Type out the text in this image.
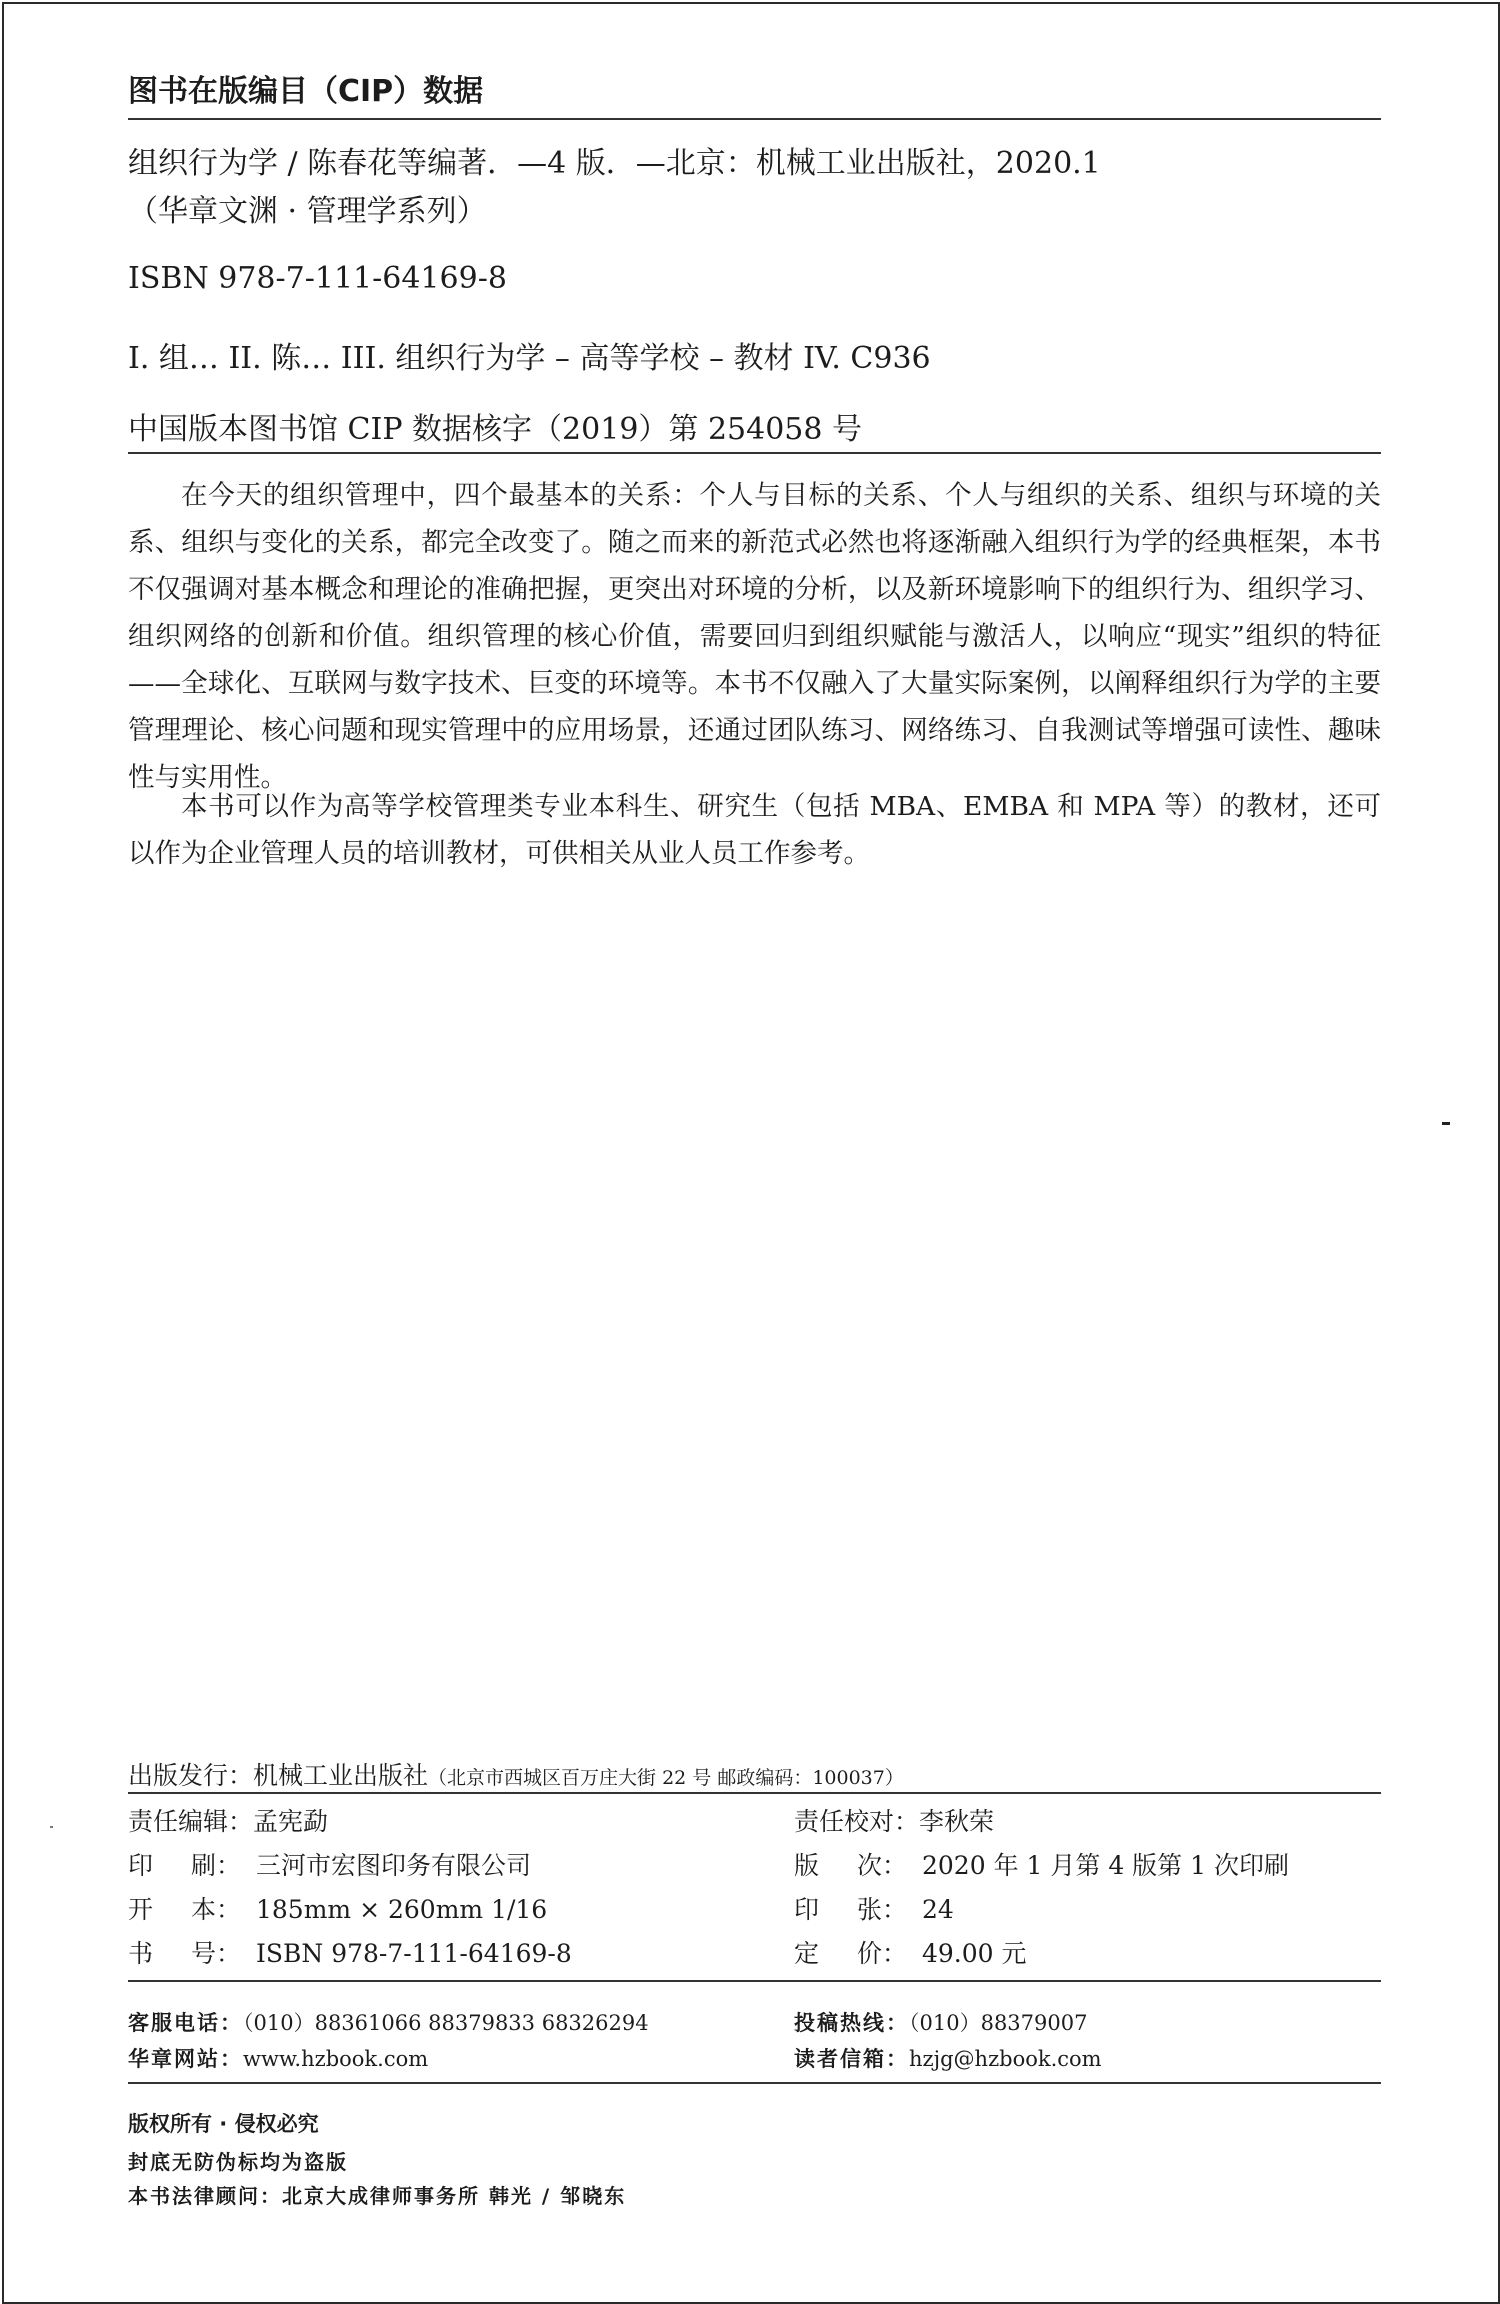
图书在版编目（CIP）数据
组织行为学 / 陈春花等编著．—4 版．—北京：机械工业出版社，2020.1
（华章文渊 · 管理学系列）
ISBN 978-7-111-64169-8
I. 组… II. 陈… III. 组织行为学 – 高等学校 – 教材 IV. C936
中国版本图书馆 CIP 数据核字（2019）第 254058 号
在今天的组织管理中，四个最基本的关系：个人与目标的关系、个人与组织的关系、组织与环境的关系、组织与变化的关系，都完全改变了。随之而来的新范式必然也将逐渐融入组织行为学的经典框架，本书不仅强调对基本概念和理论的准确把握，更突出对环境的分析，以及新环境影响下的组织行为、组织学习、组织网络的创新和价值。组织管理的核心价值，需要回归到组织赋能与激活人，以响应“现实”组织的特征——全球化、互联网与数字技术、巨变的环境等。本书不仅融入了大量实际案例，以阐释组织行为学的主要管理理论、核心问题和现实管理中的应用场景，还通过团队练习、网络练习、自我测试等增强可读性、趣味性与实用性。
本书可以作为高等学校管理类专业本科生、研究生（包括 MBA、EMBA 和 MPA 等）的教材，还可以作为企业管理人员的培训教材，可供相关从业人员工作参考。
出版发行：机械工业出版社（北京市西城区百万庄大街 22 号 邮政编码：100037）
责任编辑：孟宪勐	责任校对：李秋荣
印 刷： 三河市宏图印务有限公司	版 次： 2020 年 1 月第 4 版第 1 次印刷
开 本： 185mm × 260mm 1/16	印 张： 24
书 号： ISBN 978-7-111-64169-8	定 价： 49.00 元
客服电话：（010）88361066 88379833 68326294	投稿热线：（010）88379007
华章网站：www.hzbook.com	读者信箱：hzjg@hzbook.com
版权所有 · 侵权必究
封底无防伪标均为盗版
本书法律顾问：北京大成律师事务所 韩光 / 邹晓东
